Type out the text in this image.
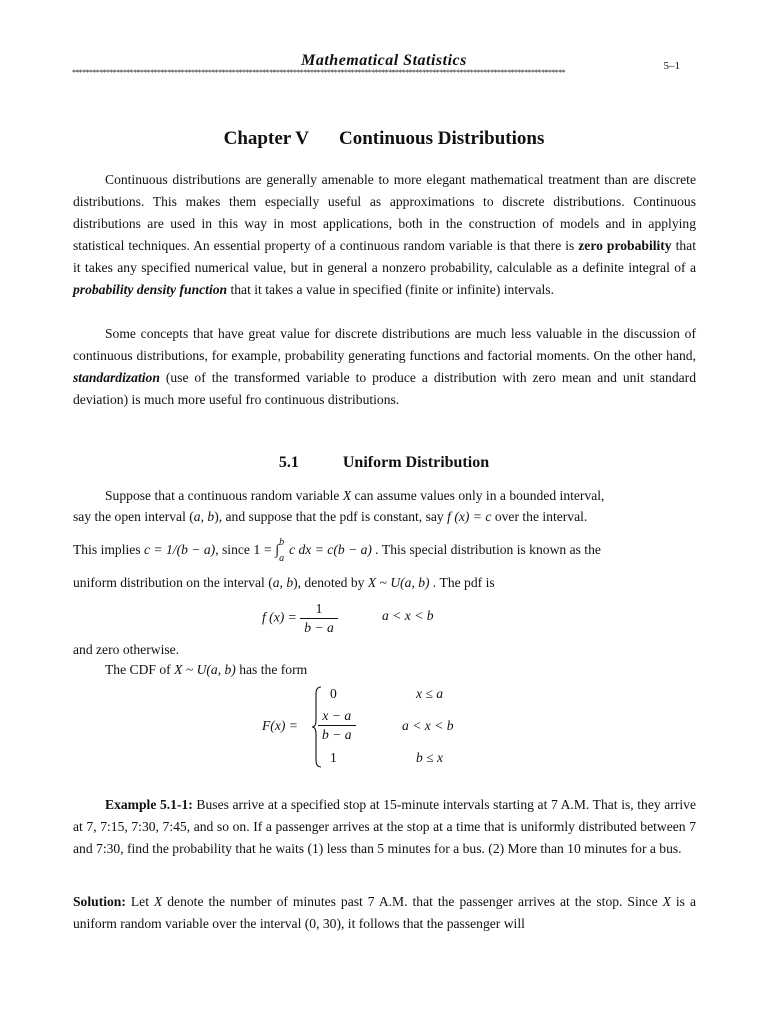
Mathematical Statistics	5–1
*************************************************************************************************************************************************
Chapter V Continuous Distributions

Continuous distributions are generally amenable to more elegant mathematical treatment than are discrete distributions. This makes them especially useful as approximations to discrete distributions. Continuous distributions are used in this way in most applications, both in the construction of models and in applying statistical techniques. An essential property of a continuous random variable is that there is zero probability that it takes any specified numerical value, but in general a nonzero probability, calculable as a definite integral of a probability density function that it takes a value in specified (finite or infinite) intervals.

Some concepts that have great value for discrete distributions are much less valuable in the discussion of continuous distributions, for example, probability generating functions and factorial moments. On the other hand, standardization (use of the transformed variable to produce a distribution with zero mean and unit standard deviation) is much more useful fro continuous distributions.

5.1	Uniform Distribution
Suppose that a continuous random variable X can assume values only in a bounded interval,
say the open interval (a, b), and suppose that the pdf is constant, say f (x) = c over the interval.
This implies c = 1/(b − a), since 1 = ∫$^b_a$c dx = c(b − a) . This special distribution is known as the
uniform distribution on the interval (a, b), denoted by X ~ U(a, b) . The pdf is
f $(x) = \frac{1}{b - a}$	a < x < b
and zero otherwise.
The CDF of X ~ U(a, b) has the form
F(x) =
0	x ≤ a
$\frac{x - a}{b - a}$	a < x < b
1	b ≤ x

Example 5.1-1: Buses arrive at a specified stop at 15-minute intervals starting at 7 A.M. That is, they arrive at 7, 7:15, 7:30, 7:45, and so on. If a passenger arrives at the stop at a time that is uniformly distributed between 7 and 7:30, find the probability that he waits (1) less than 5 minutes for a bus. (2) More than 10 minutes for a bus.

Solution: Let X denote the number of minutes past 7 A.M. that the passenger arrives at the stop. Since X is a uniform random variable over the interval (0, 30), it follows that the passenger will
